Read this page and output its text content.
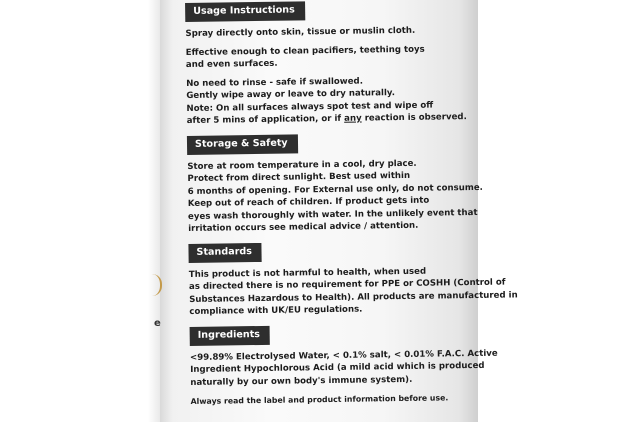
e
Usage Instructions
Spray directly onto skin, tissue or muslin cloth.
Effective enough to clean pacifiers, teething toys
and even surfaces.
No need to rinse - safe if swallowed.
Gently wipe away or leave to dry naturally.
Note: On all surfaces always spot test and wipe off
after 5 mins of application, or if any reaction is observed.
Storage & Safety
Store at room temperature in a cool, dry place.
Protect from direct sunlight. Best used within
6 months of opening. For External use only, do not consume.
Keep out of reach of children. If product gets into
eyes wash thoroughly with water. In the unlikely event that
irritation occurs see medical advice / attention.
Standards
This product is not harmful to health, when used
as directed there is no requirement for PPE or COSHH (Control of
Substances Hazardous to Health). All products are manufactured in
compliance with UK/EU regulations.
Ingredients
<99.89% Electrolysed Water, < 0.1% salt, < 0.01% F.A.C. Active
Ingredient Hypochlorous Acid (a mild acid which is produced
naturally by our own body's immune system).
Always read the label and product information before use.
